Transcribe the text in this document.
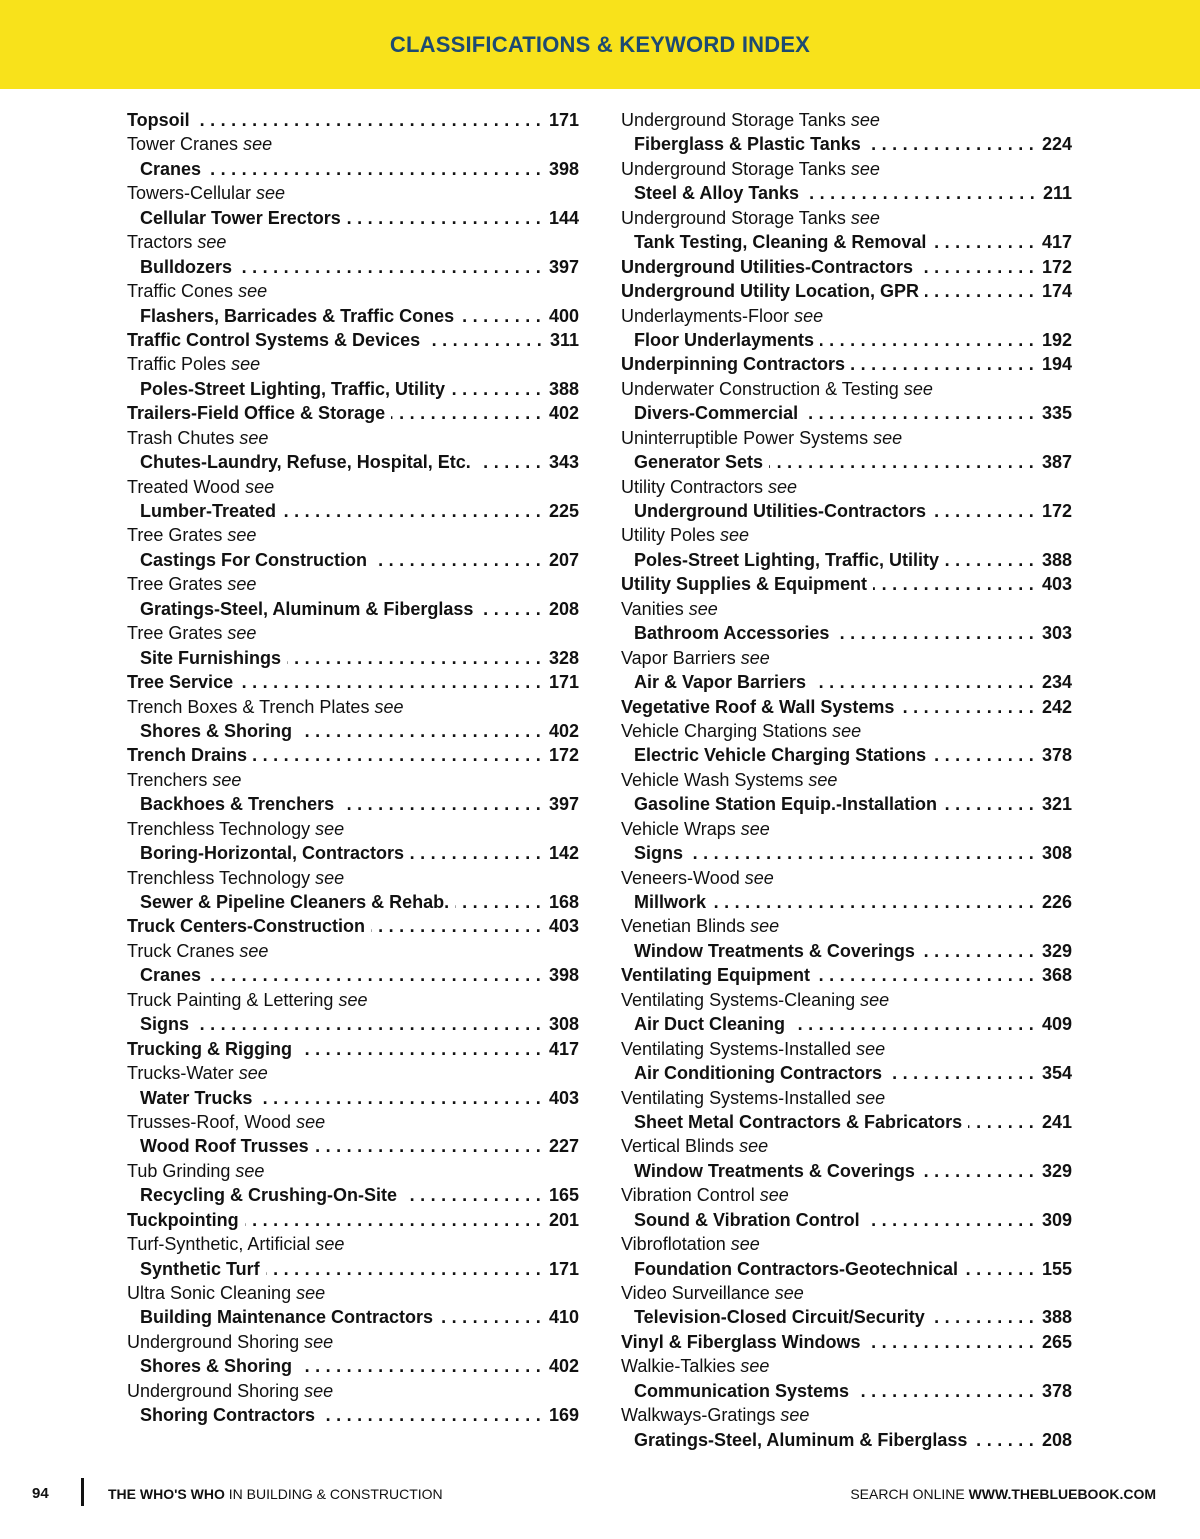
CLASSIFICATIONS & KEYWORD INDEX
Topsoil . . .	171
Tower Cranes see
Cranes . . .	398
Towers-Cellular see
Cellular Tower Erectors . . .	144
Tractors see
Bulldozers . . .	397
Traffic Cones see
Flashers, Barricades & Traffic Cones . . .	400
Traffic Control Systems & Devices . . .	311
Traffic Poles see
Poles-Street Lighting, Traffic, Utility . . .	388
Trailers-Field Office & Storage . . .	402
Trash Chutes see
Chutes-Laundry, Refuse, Hospital, Etc. . . .	343
Treated Wood see
Lumber-Treated . . .	225
Tree Grates see
Castings For Construction . . .	207
Tree Grates see
Gratings-Steel, Aluminum & Fiberglass . . .	208
Tree Grates see
Site Furnishings . . .	328
Tree Service . . .	171
Trench Boxes & Trench Plates see
Shores & Shoring . . .	402
Trench Drains . . .	172
Trenchers see
Backhoes & Trenchers . . .	397
Trenchless Technology see
Boring-Horizontal, Contractors . . .	142
Trenchless Technology see
Sewer & Pipeline Cleaners & Rehab. . . .	168
Truck Centers-Construction . . .	403
Truck Cranes see
Cranes . . .	398
Truck Painting & Lettering see
Signs . . .	308
Trucking & Rigging . . .	417
Trucks-Water see
Water Trucks . . .	403
Trusses-Roof, Wood see
Wood Roof Trusses . . .	227
Tub Grinding see
Recycling & Crushing-On-Site . . .	165
Tuckpointing . . .	201
Turf-Synthetic, Artificial see
Synthetic Turf . . .	171
Ultra Sonic Cleaning see
Building Maintenance Contractors . . .	410
Underground Shoring see
Shores & Shoring . . .	402
Underground Shoring see
Shoring Contractors . . .	169
Underground Storage Tanks see
Fiberglass & Plastic Tanks . . .	224
Underground Storage Tanks see
Steel & Alloy Tanks . . .	211
Underground Storage Tanks see
Tank Testing, Cleaning & Removal . . .	417
Underground Utilities-Contractors . . .	172
Underground Utility Location, GPR . . .	174
Underlayments-Floor see
Floor Underlayments . . .	192
Underpinning Contractors . . .	194
Underwater Construction & Testing see
Divers-Commercial . . .	335
Uninterruptible Power Systems see
Generator Sets . . .	387
Utility Contractors see
Underground Utilities-Contractors . . .	172
Utility Poles see
Poles-Street Lighting, Traffic, Utility . . .	388
Utility Supplies & Equipment . . .	403
Vanities see
Bathroom Accessories . . .	303
Vapor Barriers see
Air & Vapor Barriers . . .	234
Vegetative Roof & Wall Systems . . .	242
Vehicle Charging Stations see
Electric Vehicle Charging Stations . . .	378
Vehicle Wash Systems see
Gasoline Station Equip.-Installation . . .	321
Vehicle Wraps see
Signs . . .	308
Veneers-Wood see
Millwork . . .	226
Venetian Blinds see
Window Treatments & Coverings . . .	329
Ventilating Equipment . . .	368
Ventilating Systems-Cleaning see
Air Duct Cleaning . . .	409
Ventilating Systems-Installed see
Air Conditioning Contractors . . .	354
Ventilating Systems-Installed see
Sheet Metal Contractors & Fabricators . . .	241
Vertical Blinds see
Window Treatments & Coverings . . .	329
Vibration Control see
Sound & Vibration Control . . .	309
Vibroflotation see
Foundation Contractors-Geotechnical . . .	155
Video Surveillance see
Television-Closed Circuit/Security . . .	388
Vinyl & Fiberglass Windows . . .	265
Walkie-Talkies see
Communication Systems . . .	378
Walkways-Gratings see
Gratings-Steel, Aluminum & Fiberglass . . .	208
94	THE WHO'S WHO IN BUILDING & CONSTRUCTION	SEARCH ONLINE WWW.THEBLUEBOOK.COM
